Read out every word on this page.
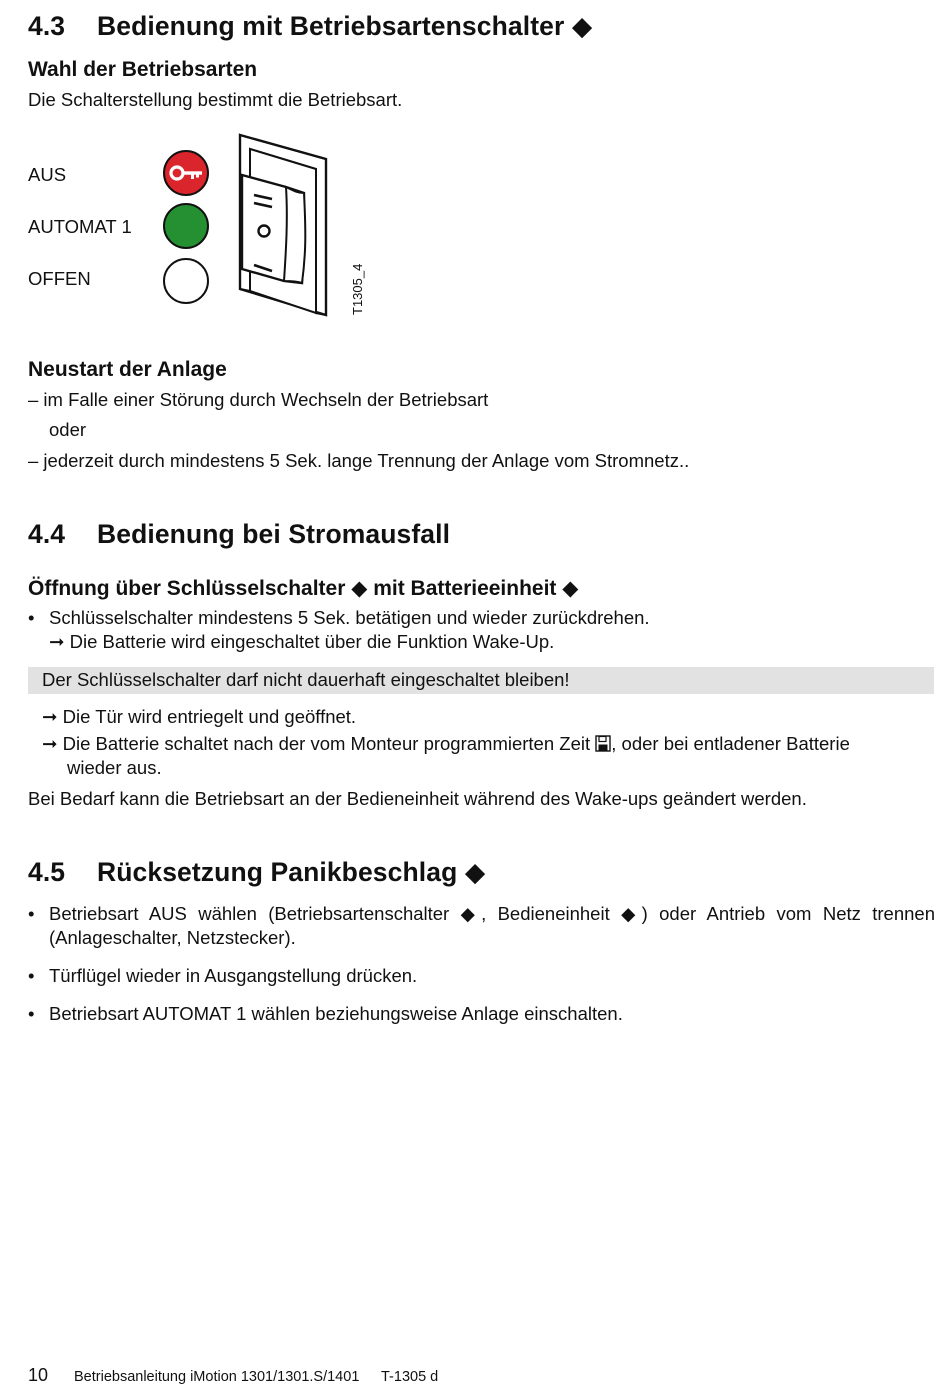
4.3 Bedienung mit Betriebsartenschalter ◆
Wahl der Betriebsarten
Die Schalterstellung bestimmt die Betriebsart.
AUS
AUTOMAT 1
OFFEN	T1305_4
Neustart der Anlage
– im Falle einer Störung durch Wechseln der Betriebsart
oder
– jederzeit durch mindestens 5 Sek. lange Trennung der Anlage vom Stromnetz..
4.4 Bedienung bei Stromausfall
Öffnung über Schlüsselschalter ◆ mit Batterieeinheit ◆
• Schlüsselschalter mindestens 5 Sek. betätigen und wieder zurückdrehen.
➞ Die Batterie wird eingeschaltet über die Funktion Wake-Up.
Der Schlüsselschalter darf nicht dauerhaft eingeschaltet bleiben!
➞ Die Tür wird entriegelt und geöffnet.
➞ Die Batterie schaltet nach der vom Monteur programmierten Zeit , oder bei entladener Batterie
wieder aus.
Bei Bedarf kann die Betriebsart an der Bedieneinheit während des Wake-ups geändert werden.
4.5 Rücksetzung Panikbeschlag ◆
• Betriebsart AUS wählen (Betriebsartenschalter ◆, Bedieneinheit ◆) oder Antrieb vom Netz trennen (Anlageschalter, Netzstecker).
• Türflügel wieder in Ausgangstellung drücken.
• Betriebsart AUTOMAT 1 wählen beziehungsweise Anlage einschalten.
10 Betriebsanleitung iMotion 1301/1301.S/1401 T-1305 d
